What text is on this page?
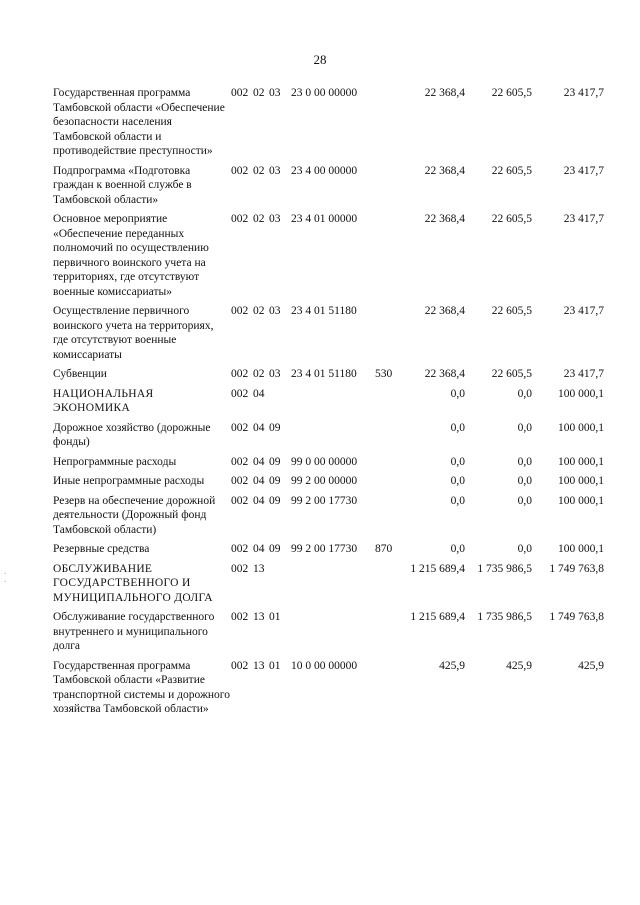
28
·
·
Государственная программа Тамбовской области «Обеспечение безопасности населения Тамбовской области и противодействие преступности»	002	02	03	23 0 00 00000		22 368,4	22 605,5	23 417,7
Подпрограмма «Подготовка граждан к военной службе в Тамбовской области»	002	02	03	23 4 00 00000		22 368,4	22 605,5	23 417,7
Основное мероприятие «Обеспечение переданных полномочий по осуществлению первичного воинского учета на территориях, где отсутствуют военные комиссариаты»	002	02	03	23 4 01 00000		22 368,4	22 605,5	23 417,7
Осуществление первичного воинского учета на территориях, где отсутствуют военные комиссариаты	002	02	03	23 4 01 51180		22 368,4	22 605,5	23 417,7
Субвенции	002	02	03	23 4 01 51180	530	22 368,4	22 605,5	23 417,7
НАЦИОНАЛЬНАЯ ЭКОНОМИКА	002	04				0,0	0,0	100 000,1
Дорожное хозяйство (дорожные фонды)	002	04	09			0,0	0,0	100 000,1
Непрограммные расходы	002	04	09	99 0 00 00000		0,0	0,0	100 000,1
Иные непрограммные расходы	002	04	09	99 2 00 00000		0,0	0,0	100 000,1
Резерв на обеспечение дорожной деятельности (Дорожный фонд Тамбовской области)	002	04	09	99 2 00 17730		0,0	0,0	100 000,1
Резервные средства	002	04	09	99 2 00 17730	870	0,0	0,0	100 000,1
ОБСЛУЖИВАНИЕ ГОСУДАРСТВЕННОГО И МУНИЦИПАЛЬНОГО ДОЛГА	002	13				1 215 689,4	1 735 986,5	1 749 763,8
Обслуживание государственного внутреннего и муниципального долга	002	13	01			1 215 689,4	1 735 986,5	1 749 763,8
Государственная программа Тамбовской области «Развитие транспортной системы и дорожного хозяйства Тамбовской области»	002	13	01	10 0 00 00000		425,9	425,9	425,9
